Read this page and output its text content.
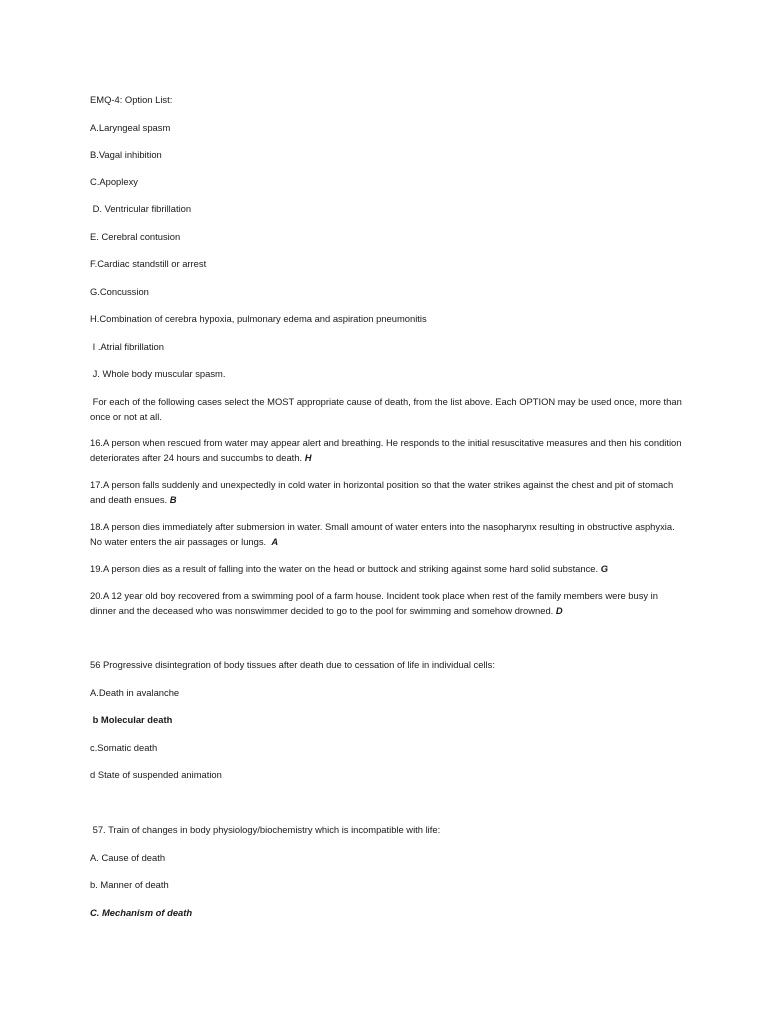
EMQ-4: Option List:

A.Laryngeal spasm

B.Vagal inhibition

C.Apoplexy

D. Ventricular fibrillation

E. Cerebral contusion

F.Cardiac standstill or arrest

G.Concussion

H.Combination of cerebra hypoxia, pulmonary edema and aspiration pneumonitis

I .Atrial fibrillation

J. Whole body muscular spasm.

For each of the following cases select the MOST appropriate cause of death, from the list above. Each OPTION may be used once, more than

once or not at all.

16.A person when rescued from water may appear alert and breathing. He responds to the initial resuscitative measures and then his condition

deteriorates after 24 hours and succumbs to death. H

17.A person falls suddenly and unexpectedly in cold water in horizontal position so that the water strikes against the chest and pit of stomach

and death ensues. B

18.A person dies immediately after submersion in water. Small amount of water enters into the nasopharynx resulting in obstructive asphyxia.

No water enters the air passages or lungs.  A

19.A person dies as a result of falling into the water on the head or buttock and striking against some hard solid substance. G

20.A 12 year old boy recovered from a swimming pool of a farm house. Incident took place when rest of the family members were busy in

dinner and the deceased who was nonswimmer decided to go to the pool for swimming and somehow drowned. D

56 Progressive disintegration of body tissues after death due to cessation of life in individual cells:

A.Death in avalanche

b Molecular death

c.Somatic death

d State of suspended animation

57. Train of changes in body physiology/biochemistry which is incompatible with life:

A. Cause of death

b. Manner of death

C. Mechanism of death
